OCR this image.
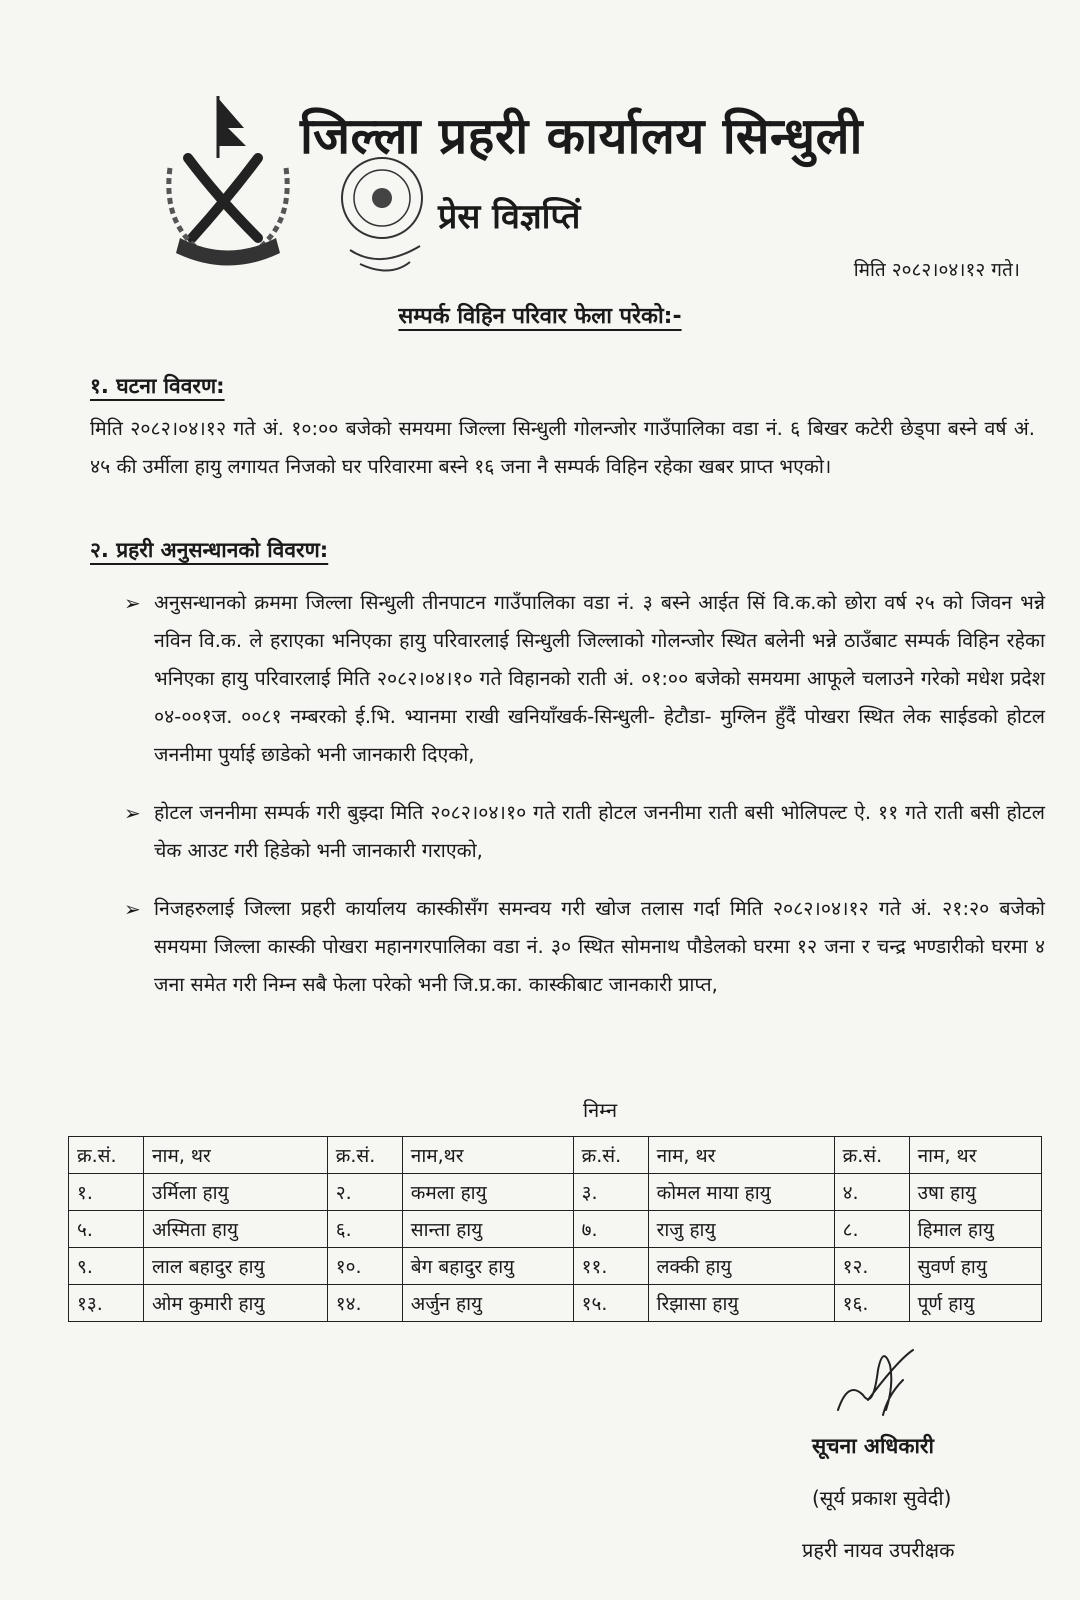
जिल्ला प्रहरी कार्यालय सिन्धुली
प्रेस विज्ञप्तिं
मिति २०८२।०४।१२ गते।
सम्पर्क विहिन परिवार फेला परेको:-
१. घटना विवरण:
मिति २०८२।०४।१२ गते अं. १०:०० बजेको समयमा जिल्ला सिन्धुली गोलन्जोर गाउँपालिका वडा नं. ६ बिखर कटेरी छेड्पा बस्ने वर्ष अं. ४५ की उर्मीला हायु लगायत निजको घर परिवारमा बस्ने १६ जना नै सम्पर्क विहिन रहेका खबर प्राप्त भएको।
२. प्रहरी अनुसन्धानको विवरण:
➢ अनुसन्धानको क्रममा जिल्ला सिन्धुली तीनपाटन गाउँपालिका वडा नं. ३ बस्ने आईत सिं वि.क.को छोरा वर्ष २५ को जिवन भन्ने नविन वि.क. ले हराएका भनिएका हायु परिवारलाई सिन्धुली जिल्लाको गोलन्जोर स्थित बलेनी भन्ने ठाउँबाट सम्पर्क विहिन रहेका भनिएका हायु परिवारलाई मिति २०८२।०४।१० गते विहानको राती अं. ०१:०० बजेको समयमा आफूले चलाउने गरेको मधेश प्रदेश ०४-००१ज. ००८१ नम्बरको ई.भि. भ्यानमा राखी खनियाँखर्क-सिन्धुली- हेटौडा- मुग्लिन हुँदैं पोखरा स्थित लेक साईडको होटल जननीमा पुर्याई छाडेको भनी जानकारी दिएको,
➢ होटल जननीमा सम्पर्क गरी बुझ्दा मिति २०८२।०४।१० गते राती होटल जननीमा राती बसी भोलिपल्ट ऐ. ११ गते राती बसी होटल चेक आउट गरी हिडेको भनी जानकारी गराएको,
➢ निजहरुलाई जिल्ला प्रहरी कार्यालय कास्कीसँग समन्वय गरी खोज तलास गर्दा मिति २०८२।०४।१२ गते अं. २१:२० बजेको समयमा जिल्ला कास्की पोखरा महानगरपालिका वडा नं. ३० स्थित सोमनाथ पौडेलको घरमा १२ जना र चन्द्र भण्डारीको घरमा ४ जना समेत गरी निम्न सबै फेला परेको भनी जि.प्र.का. कास्कीबाट जानकारी प्राप्त,
निम्न
क्र.सं.	नाम, थर	क्र.सं.	नाम,थर	क्र.सं.	नाम, थर	क्र.सं.	नाम, थर
१.	उर्मिला हायु	२.	कमला हायु	३.	कोमल माया हायु	४.	उषा हायु
५.	अस्मिता हायु	६.	सान्ता हायु	७.	राजु हायु	८.	हिमाल हायु
९.	लाल बहादुर हायु	१०.	बेग बहादुर हायु	११.	लक्की हायु	१२.	सुवर्ण हायु
१३.	ओम कुमारी हायु	१४.	अर्जुन हायु	१५.	रिझासा हायु	१६.	पूर्ण हायु
सूचना अधिकारी
(सूर्य प्रकाश सुवेदी)
प्रहरी नायव उपरीक्षक
